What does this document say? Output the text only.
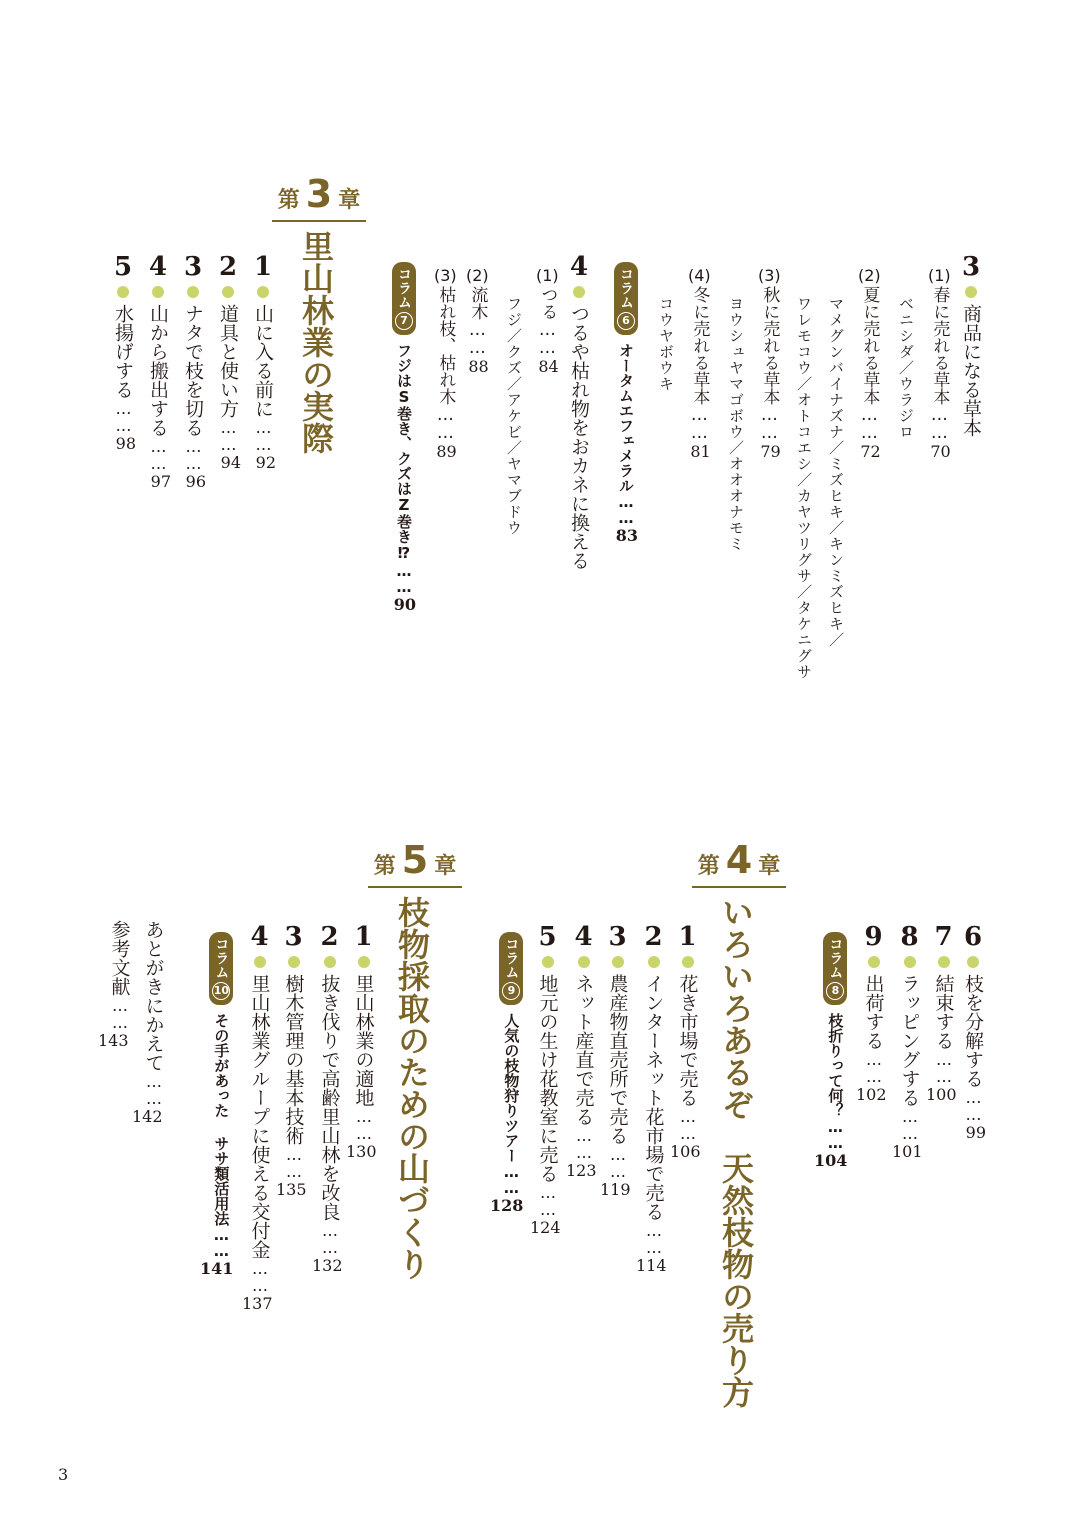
3商品になる草本
(1)春に売れる草本……70
ベニシダ／ウラジロ
(2)夏に売れる草本……72
マメグンバイナズナ／ミズヒキ／キンミズヒキ／
ワレモコウ／オトコエシ／カヤツリグサ／タケニグサ
(3)秋に売れる草本……79
ヨウシュヤマゴボウ／オオオナモミ
(4)冬に売れる草本……81
コウヤボウキ
コラム6オータムエフェメラル……83
4つるや枯れ物をおカネに換える
(1)つる……84
フジ／クズ／アケビ／ヤマブドウ
(2)流木……88
(3)枯れ枝、枯れ木……89
コラム7フジはS巻き、クズはZ巻き⁉……90
第 3 章
里山林業の実際
1山に入る前に……92
2道具と使い方……94
3ナタで枝を切る……96
4山から搬出する……97
5水揚げする……98
6枝を分解する……99
7結束する……100
8ラッピングする……101
9出荷する……102
コラム8枝折りって何？……104
第 4 章
いろいろあるぞ　天然枝物の売り方
1花き市場で売る……106
2インターネット花市場で売る……114
3農産物直売所で売る……119
4ネット産直で売る……123
5地元の生け花教室に売る……124
コラム9人気の枝物狩りツアー……128
第 5 章
枝物採取のための山づくり
1里山林業の適地……130
2抜き伐りで高齢里山林を改良……132
3樹木管理の基本技術……135
4里山林業グループに使える交付金……137
コラム10その手があった ササ類活用法……141
あとがきにかえて……142
参考文献……143
3
